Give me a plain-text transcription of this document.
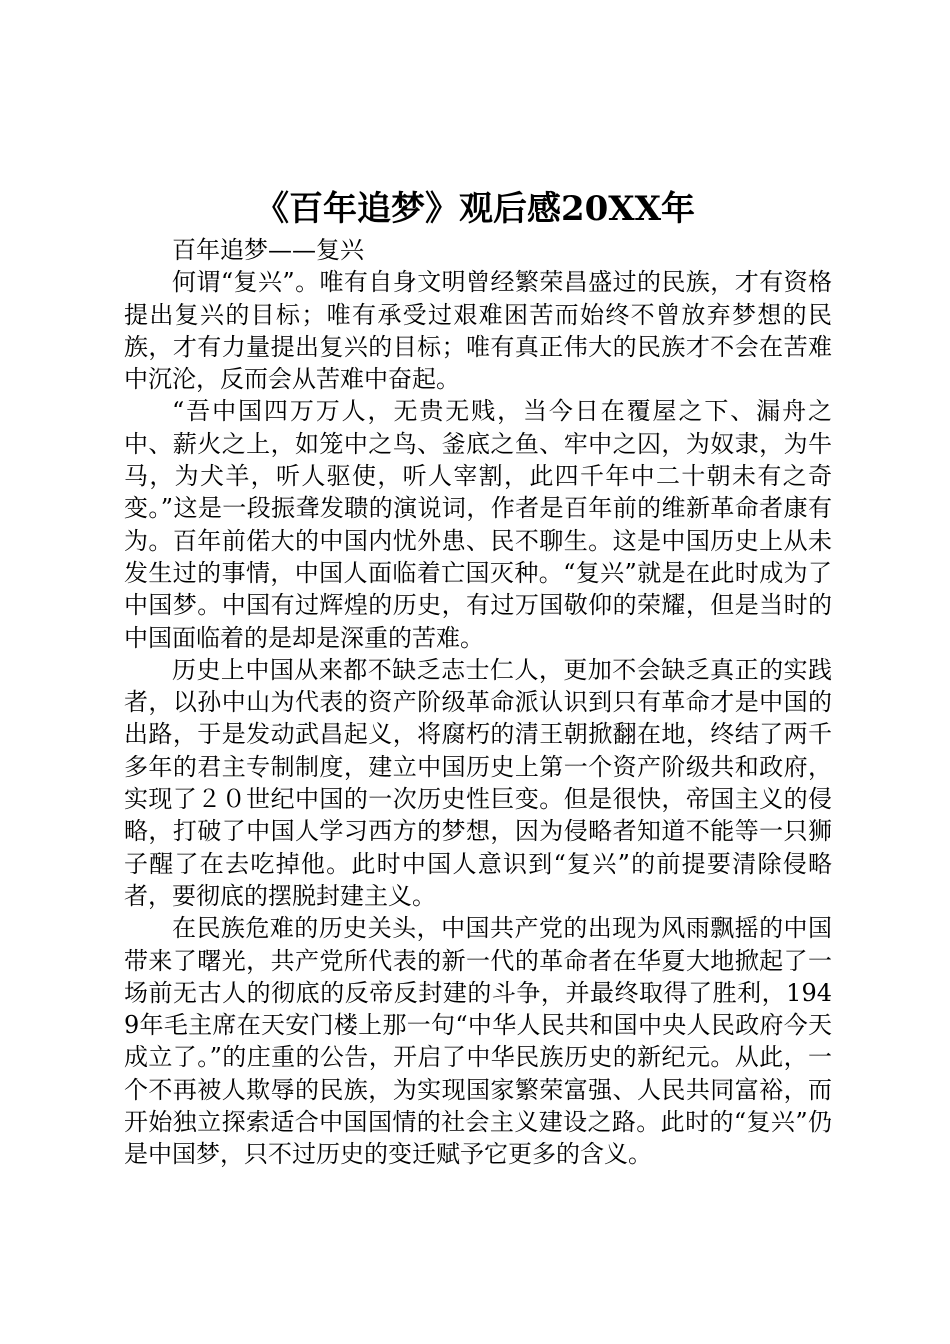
《百年追梦》观后感20XX年

百年追梦——复兴

何谓“复兴”。唯有自身文明曾经繁荣昌盛过的民族，才有资格提出复兴的目标；唯有承受过艰难困苦而始终不曾放弃梦想的民族，才有力量提出复兴的目标；唯有真正伟大的民族才不会在苦难中沉沦，反而会从苦难中奋起。

“吾中国四万万人，无贵无贱，当今日在覆屋之下、漏舟之中、薪火之上，如笼中之鸟、釜底之鱼、牢中之囚，为奴隶，为牛马，为犬羊，听人驱使，听人宰割，此四千年中二十朝未有之奇变。”这是一段振聋发聩的演说词，作者是百年前的维新革命者康有为。百年前偌大的中国内忧外患、民不聊生。这是中国历史上从未发生过的事情，中国人面临着亡国灭种。“复兴”就是在此时成为了中国梦。中国有过辉煌的历史，有过万国敬仰的荣耀，但是当时的中国面临着的是却是深重的苦难。

历史上中国从来都不缺乏志士仁人，更加不会缺乏真正的实践者，以孙中山为代表的资产阶级革命派认识到只有革命才是中国的出路，于是发动武昌起义，将腐朽的清王朝掀翻在地，终结了两千多年的君主专制制度，建立中国历史上第一个资产阶级共和政府，实现了２０世纪中国的一次历史性巨变。但是很快，帝国主义的侵略，打破了中国人学习西方的梦想，因为侵略者知道不能等一只狮子醒了在去吃掉他。此时中国人意识到“复兴”的前提要清除侵略者，要彻底的摆脱封建主义。

在民族危难的历史关头，中国共产党的出现为风雨飘摇的中国带来了曙光，共产党所代表的新一代的革命者在华夏大地掀起了一场前无古人的彻底的反帝反封建的斗争，并最终取得了胜利，1949年毛主席在天安门楼上那一句“中华人民共和国中央人民政府今天成立了。”的庄重的公告，开启了中华民族历史的新纪元。从此，一个不再被人欺辱的民族，为实现国家繁荣富强、人民共同富裕，而开始独立探索适合中国国情的社会主义建设之路。此时的“复兴”仍是中国梦，只不过历史的变迁赋予它更多的含义。
